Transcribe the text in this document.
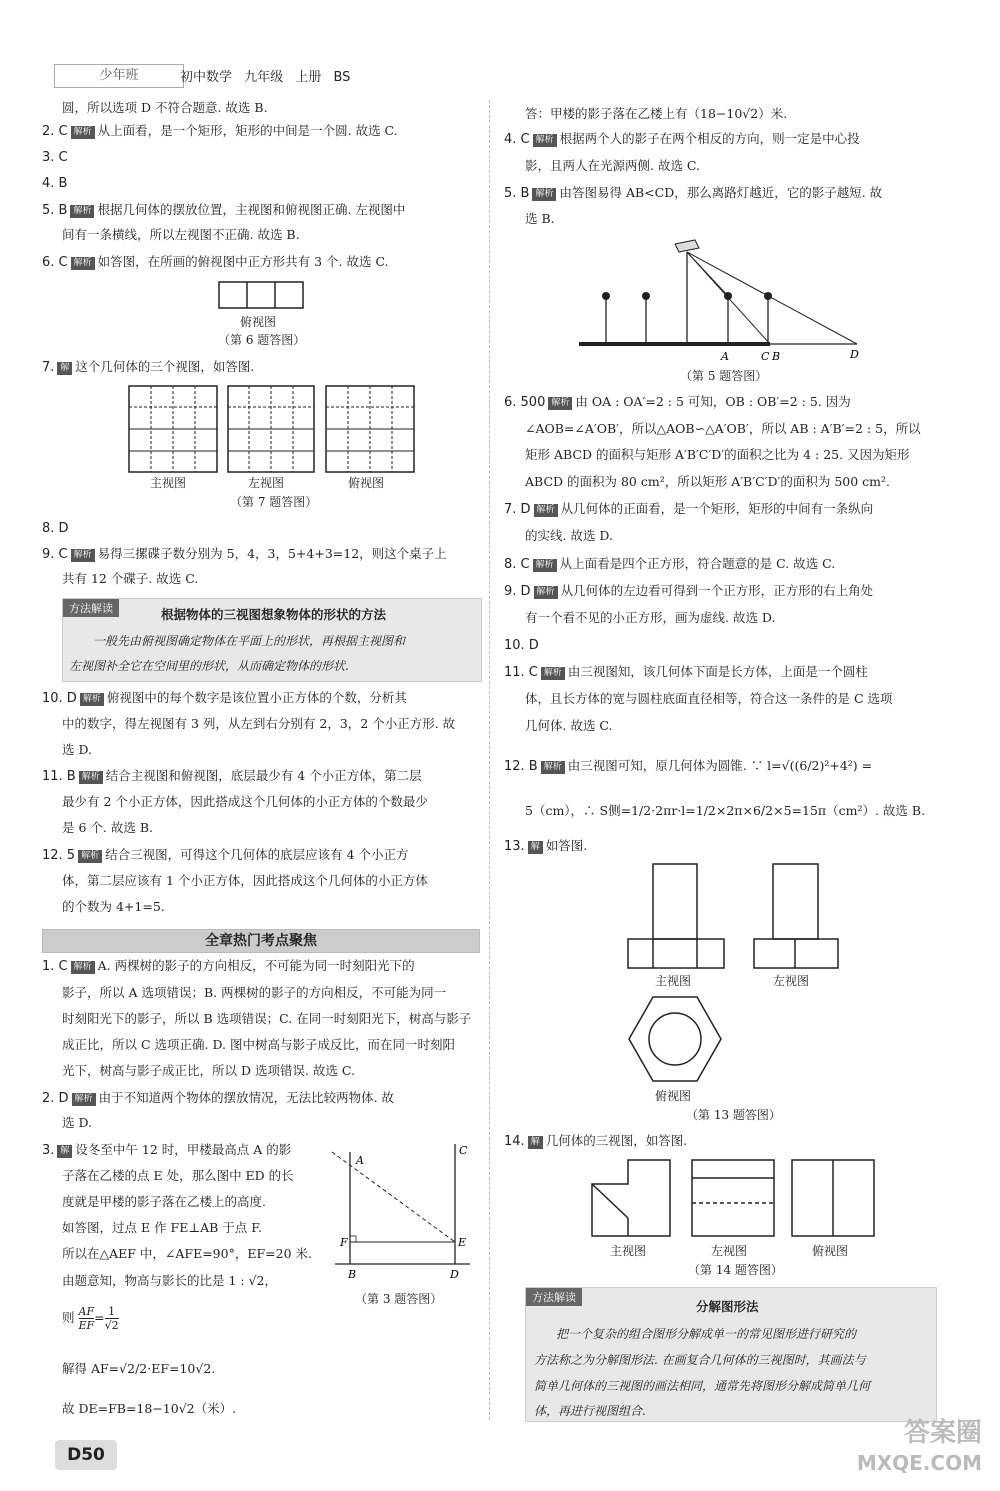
少年班	初中数学 九年级 上册 BS
圆，所以选项 D 不符合题意. 故选 B.
2. C 解析 从上面看，是一个矩形，矩形的中间是一个圆. 故选 C.
3. C
4. B
5. B 解析 根据几何体的摆放位置，主视图和俯视图正确. 左视图中
间有一条横线，所以左视图不正确. 故选 B.
6. C 解析 如答图，在所画的俯视图中正方形共有 3 个. 故选 C.
俯视图
（第 6 题答图）
7. 解 这个几何体的三个视图，如答图.
主视图	左视图	俯视图
（第 7 题答图）
8. D
9. C 解析 易得三摞碟子数分别为 5，4，3，5+4+3=12，则这个桌子上
共有 12 个碟子. 故选 C.
方法解读	根据物体的三视图想象物体的形状的方法
一般先由俯视图确定物体在平面上的形状，再根据主视图和
左视图补全它在空间里的形状，从而确定物体的形状.
10. D 解析 俯视图中的每个数字是该位置小正方体的个数，分析其
中的数字，得左视图有 3 列，从左到右分别有 2，3，2 个小正方形. 故
选 D.
11. B 解析 结合主视图和俯视图，底层最少有 4 个小正方体，第二层
最少有 2 个小正方体，因此搭成这个几何体的小正方体的个数最少
是 6 个. 故选 B.
12. 5 解析 结合三视图，可得这个几何体的底层应该有 4 个小正方
体，第二层应该有 1 个小正方体，因此搭成这个几何体的小正方体
的个数为 4+1=5.
全章热门考点聚焦
1. C 解析 A. 两棵树的影子的方向相反，不可能为同一时刻阳光下的
影子，所以 A 选项错误；B. 两棵树的影子的方向相反，不可能为同一
时刻阳光下的影子，所以 B 选项错误；C. 在同一时刻阳光下，树高与影子
成正比，所以 C 选项正确. D. 图中树高与影子成反比，而在同一时刻阳
光下，树高与影子成正比，所以 D 选项错误. 故选 C.
2. D 解析 由于不知道两个物体的摆放情况，无法比较两物体. 故
选 D.
3. 解 设冬至中午 12 时，甲楼最高点 A 的影
子落在乙楼的点 E 处，那么图中 ED 的长
度就是甲楼的影子落在乙楼上的高度.
如答图，过点 E 作 FE⊥AB 于点 F.
所以在△AEF 中，∠AFE=90°，EF=20 米.
由题意知，物高与影长的比是 1 : √2，
则 $\frac{AF}{EF} = \frac{1}{√2}$
解得 AF=√2/2·EF=10√2.
故 DE=FB=18−10√2（米）.
A
C
F	E
B	D
（第 3 题答图）
答：甲楼的影子落在乙楼上有（18−10√2）米.
4. C 解析 根据两个人的影子在两个相反的方向，则一定是中心投
影，且两人在光源两侧. 故选 C.
5. B 解析 由答图易得 AB<CD，那么离路灯越近，它的影子越短. 故
选 B.
A	C B	D
（第 5 题答图）
6. 500 解析 由 OA : OA′=2 : 5 可知，OB : OB′=2 : 5. 因为
∠AOB=∠A′OB′，所以△AOB∽△A′OB′，所以 AB : A′B′=2 : 5，所以
矩形 ABCD 的面积与矩形 A′B′C′D′的面积之比为 4 : 25. 又因为矩形
ABCD 的面积为 80 cm²，所以矩形 A′B′C′D′的面积为 500 cm².
7. D 解析 从几何体的正面看，是一个矩形，矩形的中间有一条纵向
的实线. 故选 D.
8. C 解析 从上面看是四个正方形，符合题意的是 C. 故选 C.
9. D 解析 从几何体的左边看可得到一个正方形，正方形的右上角处
有一个看不见的小正方形，画为虚线. 故选 D.
10. D
11. C 解析 由三视图知，该几何体下面是长方体，上面是一个圆柱
体，且长方体的宽与圆柱底面直径相等，符合这一条件的是 C 选项
几何体. 故选 C.
12. B 解析 由三视图可知，原几何体为圆锥. ∵ l=√((6/2)²+4²) =
5（cm），∴ S侧=1/2·2πr·l=1/2×2π×6/2×5=15π（cm²）. 故选 B.
13. 解 如答图.
主视图	左视图
俯视图
（第 13 题答图）
14. 解 几何体的三视图，如答图.
主视图	左视图	俯视图
（第 14 题答图）
方法解读
分解图形法
把一个复杂的组合图形分解成单一的常见图形进行研究的
方法称之为分解图形法. 在画复合几何体的三视图时，其画法与
简单几何体的三视图的画法相同，通常先将图形分解成简单几何
体，再进行视图组合.
D50
答案圈
MXQE.COM
